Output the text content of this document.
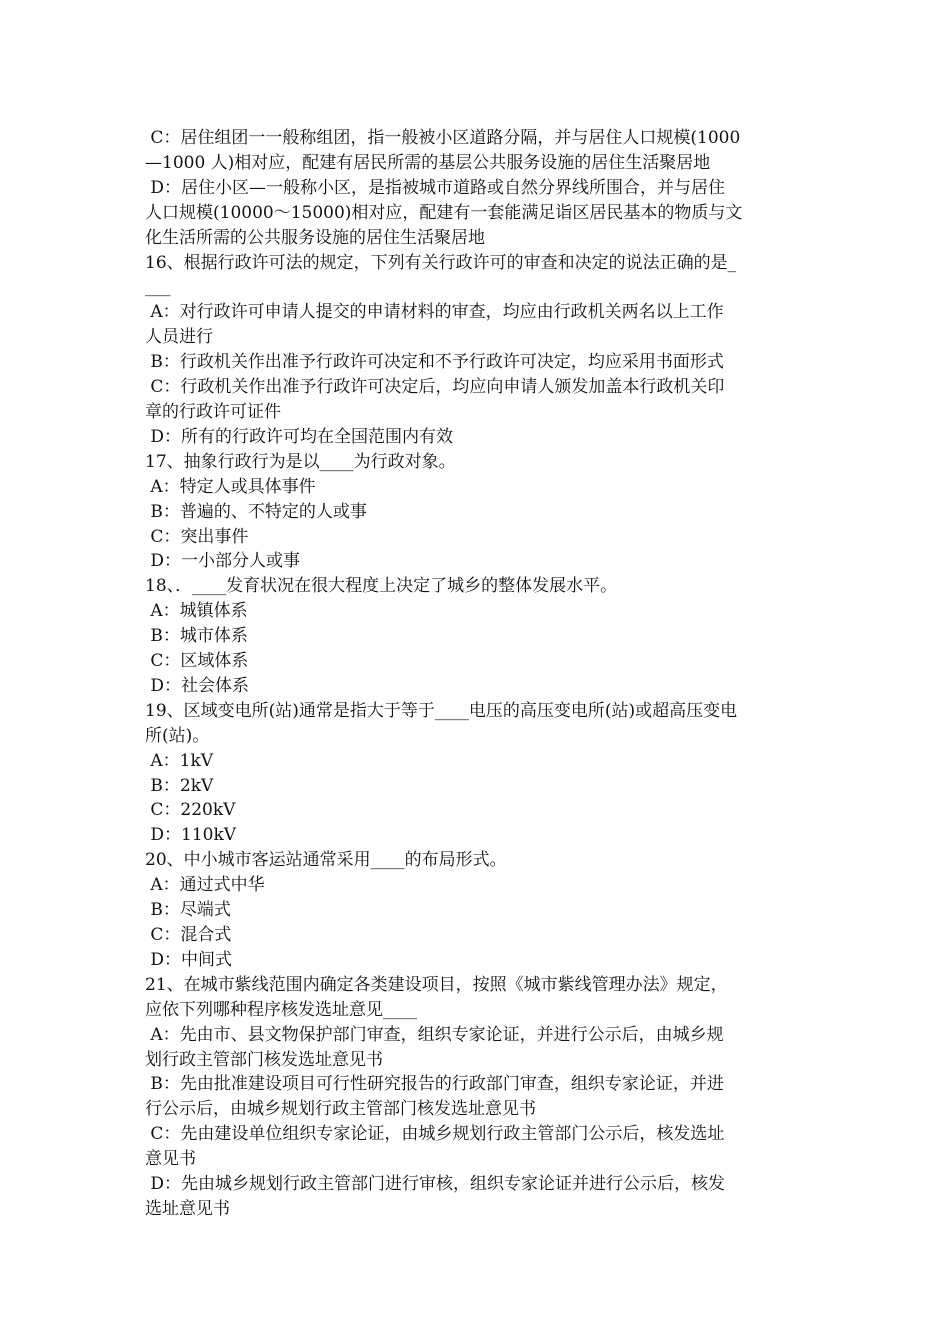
C：居住组团一一般称组团，指一般被小区道路分隔，并与居住人口规模(1000

—1000 人)相对应，配建有居民所需的基层公共服务设施的居住生活聚居地

D：居住小区—一般称小区，是指被城市道路或自然分界线所围合，并与居住

人口规模(10000～15000)相对应，配建有一套能满足诣区居民基本的物质与文

化生活所需的公共服务设施的居住生活聚居地

16、根据行政许可法的规定，下列有关行政许可的审查和决定的说法正确的是_

___

A：对行政许可申请人提交的申请材料的审查，均应由行政机关两名以上工作

人员进行

B：行政机关作出准予行政许可决定和不予行政许可决定，均应采用书面形式

C：行政机关作出准予行政许可决定后，均应向申请人颁发加盖本行政机关印

章的行政许可证件

D：所有的行政许可均在全国范围内有效

17、抽象行政行为是以____为行政对象。

A：特定人或具体事件

B：普遍的、不特定的人或事

C：突出事件

D：一小部分人或事

18、．____发育状况在很大程度上决定了城乡的整体发展水平。

A：城镇体系

B：城市体系

C：区域体系

D：社会体系

19、区域变电所(站)通常是指大于等于____电压的高压变电所(站)或超高压变电

所(站)。

A：1kV

B：2kV

C：220kV

D：110kV

20、中小城市客运站通常采用____的布局形式。

A：通过式中华

B：尽端式

C：混合式

D：中间式

21、在城市紫线范围内确定各类建设项目，按照《城市紫线管理办法》规定，

应依下列哪种程序核发选址意见____

A：先由市、县文物保护部门审查，组织专家论证，并进行公示后，由城乡规

划行政主管部门核发选址意见书

B：先由批准建设项目可行性研究报告的行政部门审查，组织专家论证，并进

行公示后，由城乡规划行政主管部门核发选址意见书

C：先由建设单位组织专家论证，由城乡规划行政主管部门公示后，核发选址

意见书

D：先由城乡规划行政主管部门进行审核，组织专家论证并进行公示后，核发

选址意见书
